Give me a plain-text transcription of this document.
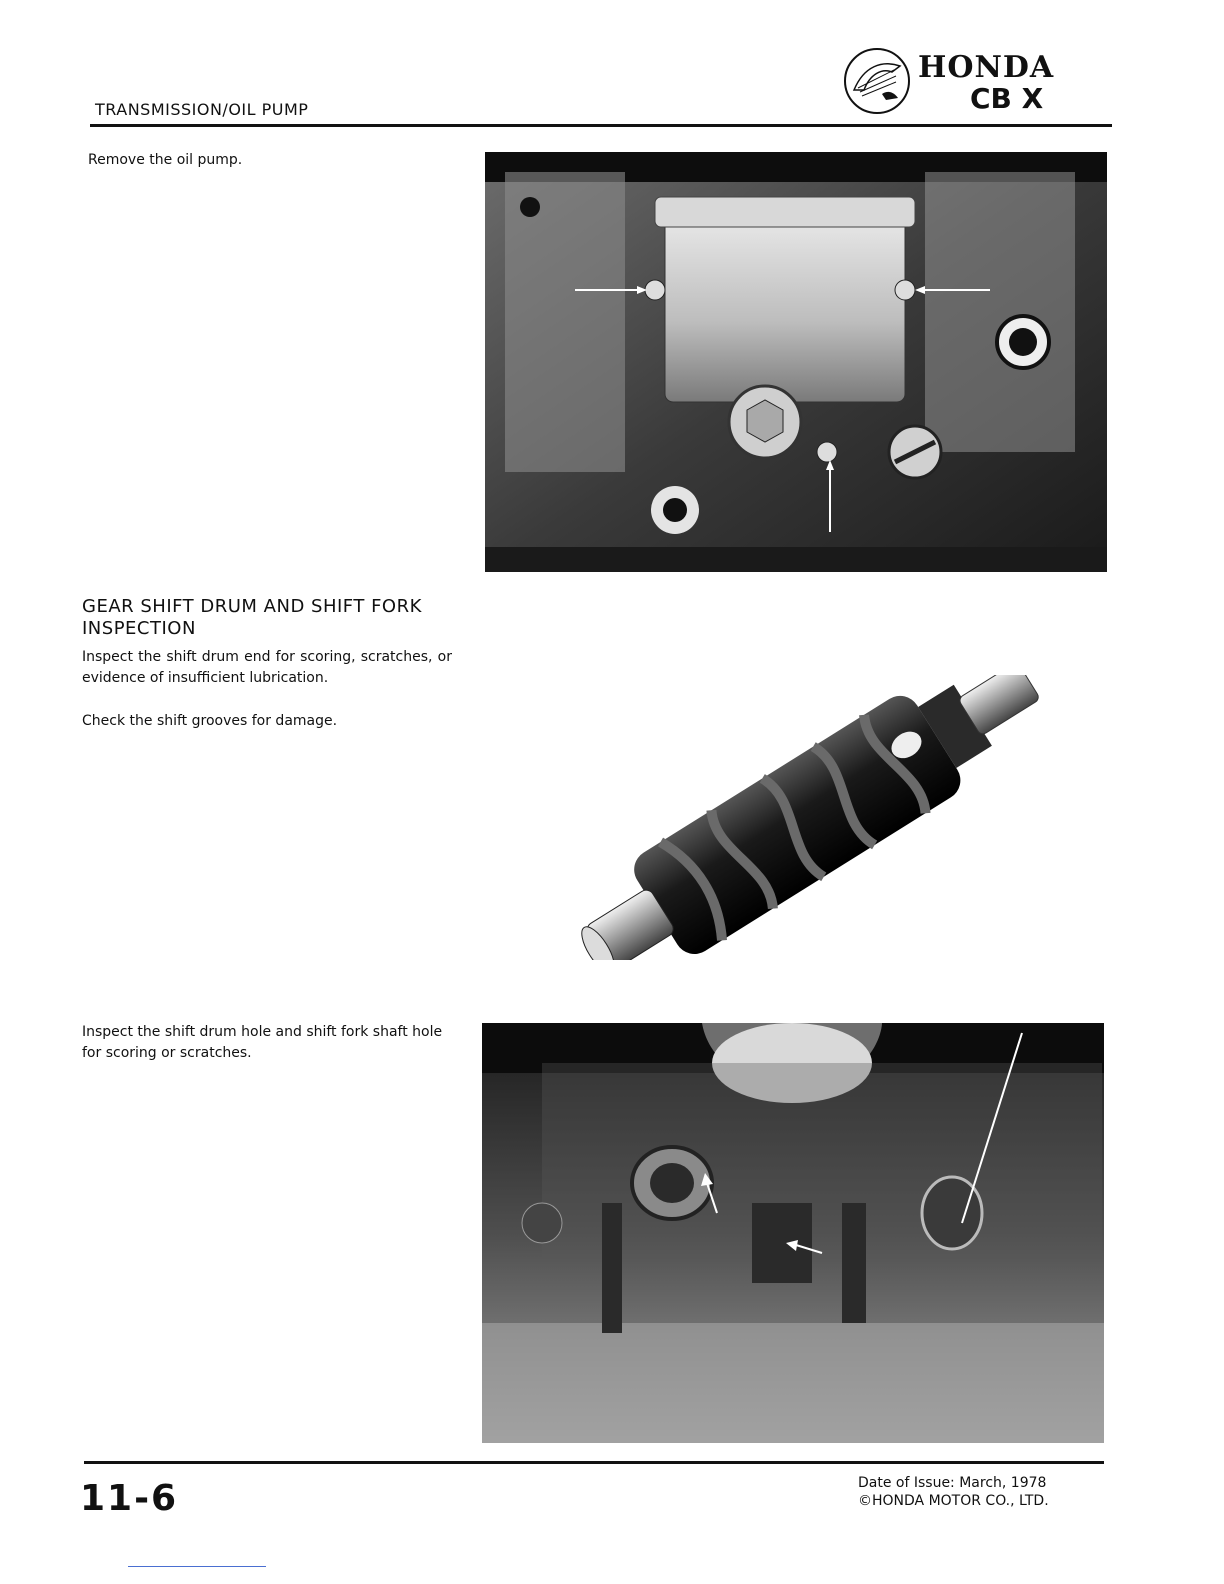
TRANSMISSION/OIL PUMP
HONDA
CB X
Remove the oil pump.
GEAR SHIFT DRUM AND SHIFT FORK INSPECTION
Inspect the shift drum end for scoring, scratches, or evidence of insufficient lubrication.
Check the shift grooves for damage.
Inspect the shift drum hole and shift fork shaft hole for scoring or scratches.
11-6	Date of Issue: March, 1978
©HONDA MOTOR CO., LTD.
